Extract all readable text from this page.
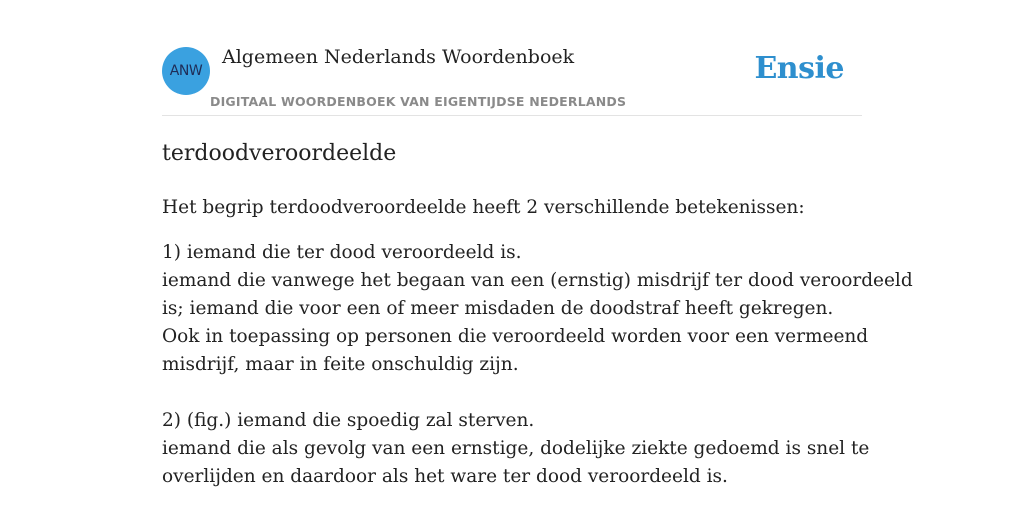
ANW
Algemeen Nederlands Woordenboek
DIGITAAL WOORDENBOEK VAN EIGENTIJDSE NEDERLANDS
Ensie
terdoodveroordeelde

Het begrip terdoodveroordeelde heeft 2 verschillende betekenissen:

1) iemand die ter dood veroordeeld is.
iemand die vanwege het begaan van een (ernstig) misdrijf ter dood veroordeeld
is; iemand die voor een of meer misdaden de doodstraf heeft gekregen.
Ook in toepassing op personen die veroordeeld worden voor een vermeend
misdrijf, maar in feite onschuldig zijn.
2) (fig.) iemand die spoedig zal sterven.
iemand die als gevolg van een ernstige, dodelijke ziekte gedoemd is snel te
overlijden en daardoor als het ware ter dood veroordeeld is.
